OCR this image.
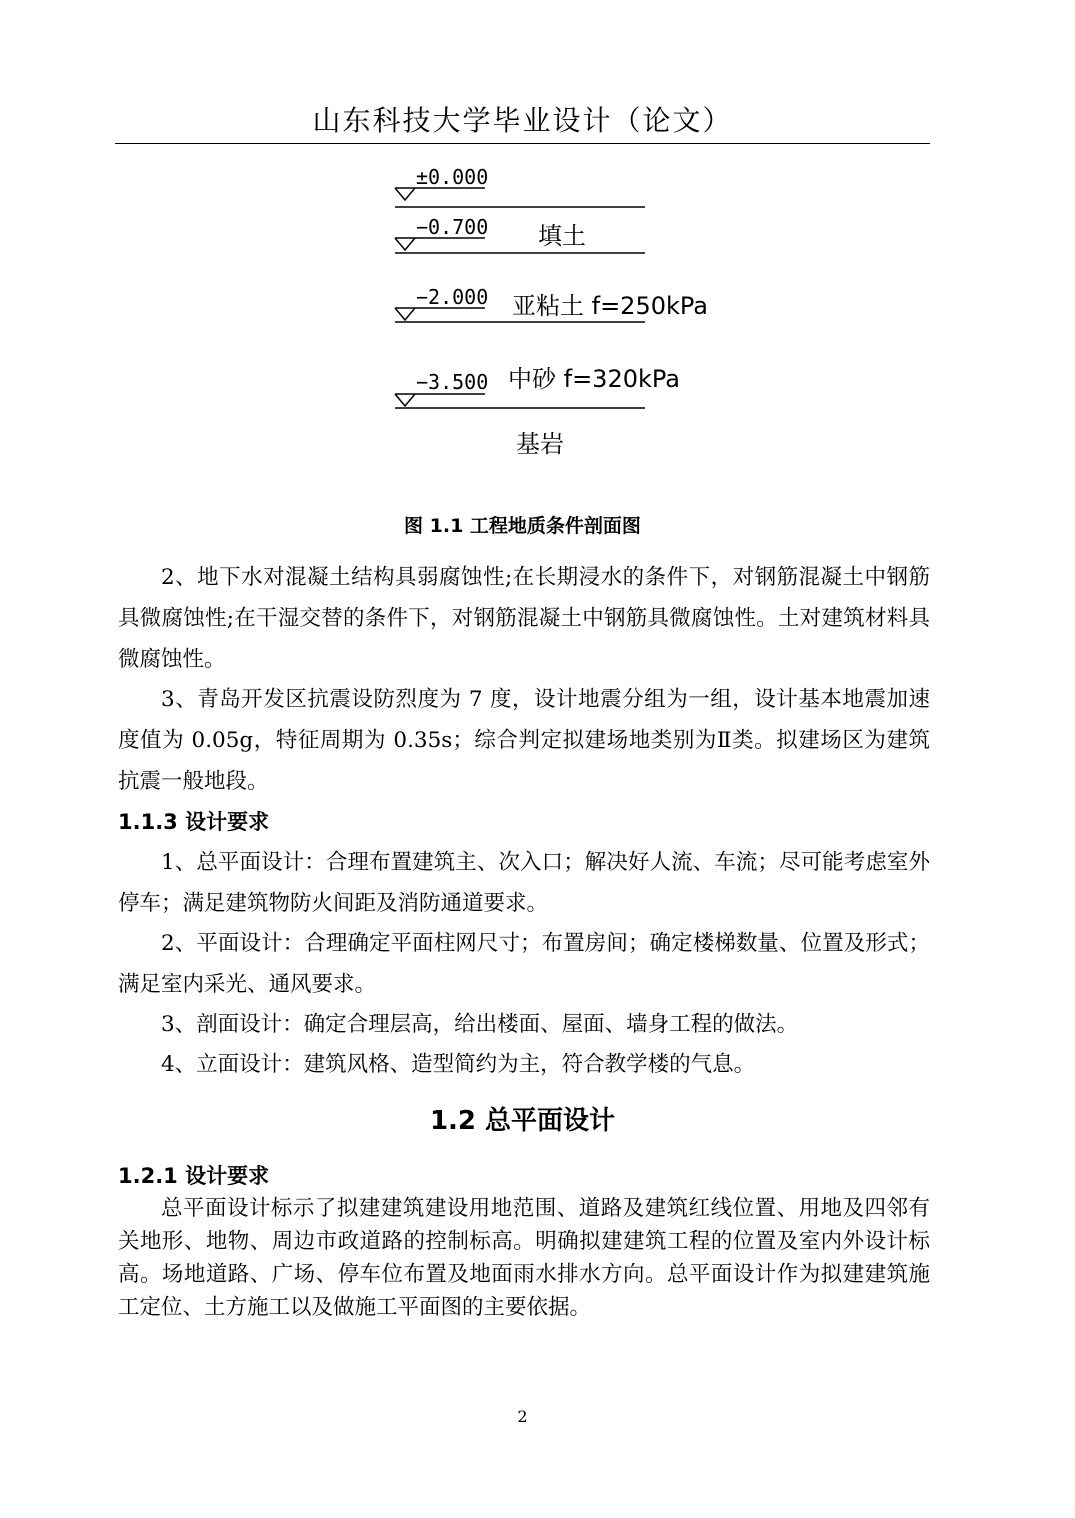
山东科技大学毕业设计（论文）
±0.000
−0.700
−2.000
−3.500
填土
亚粘土 f=250kPa
中砂 f=320kPa
基岩
图 1.1 工程地质条件剖面图

2、地下水对混凝土结构具弱腐蚀性;在长期浸水的条件下，对钢筋混凝土中钢筋具微腐蚀性;在干湿交替的条件下，对钢筋混凝土中钢筋具微腐蚀性。土对建筑材料具微腐蚀性。

3、青岛开发区抗震设防烈度为 7 度，设计地震分组为一组，设计基本地震加速度值为 0.05g，特征周期为 0.35s；综合判定拟建场地类别为Ⅱ类。拟建场区为建筑抗震一般地段。

1.1.3 设计要求

1、总平面设计：合理布置建筑主、次入口；解决好人流、车流；尽可能考虑室外停车；满足建筑物防火间距及消防通道要求。

2、平面设计：合理确定平面柱网尺寸；布置房间；确定楼梯数量、位置及形式；满足室内采光、通风要求。

3、剖面设计：确定合理层高，给出楼面、屋面、墙身工程的做法。

4、立面设计：建筑风格、造型简约为主，符合教学楼的气息。

1.2 总平面设计
1.2.1 设计要求

总平面设计标示了拟建建筑建设用地范围、道路及建筑红线位置、用地及四邻有关地形、地物、周边市政道路的控制标高。明确拟建建筑工程的位置及室内外设计标高。场地道路、广场、停车位布置及地面雨水排水方向。总平面设计作为拟建建筑施工定位、土方施工以及做施工平面图的主要依据。

2
